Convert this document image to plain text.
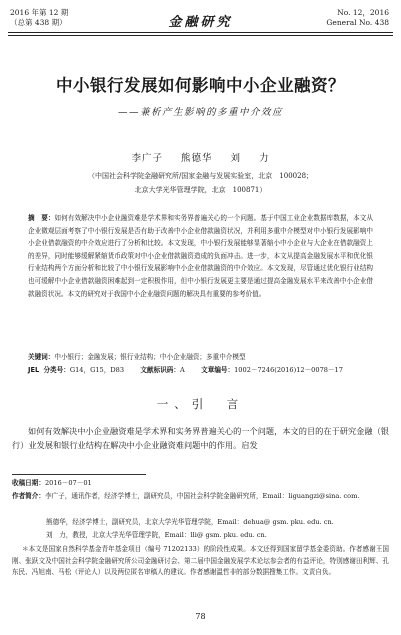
2016 年第 12 期
（总第 438 期）	金融研究
No. 12，2016
General No. 438
中小银行发展如何影响中小企业融资？
——兼析产生影响的多重中介效应
李广子 熊德华 刘 力
（中国社会科学院金融研究所/国家金融与发展实验室，北京　100028；
北京大学光华管理学院，北京　100871）
摘　要：如何有效解决中小企业融资难是学术界和实务界普遍关心的一个问题。基于中国工业企业数据库数据，本文从企业微观层面考察了中小银行发展是否有助于改善中小企业借款融资状况，并利用多重中介模型对中小银行发展影响中小企业借款融资的中介效应进行了分析和比较。本文发现，中小银行发展能够显著缩小中小企业与大企业在借款融资上的差异，同时能够缓解紧缩货币政策对中小企业借款融资造成的负面冲击。进一步，本文从提高金融发展水平和优化银行业结构两个方面分析和比较了中小银行发展影响中小企业借款融资的中介效应。本文发现，尽管通过优化银行业结构也可缓解中小企业借款融资困难起到一定积极作用，但中小银行发展更主要是通过提高金融发展水平来改善中小企业借款融资状况。本文的研究对于我国中小企业融资问题的解决具有重要的参考价值。
关键词：中小银行；金融发展；银行业结构；中小企业融资；多重中介模型
JEL 分类号：G14，G15，D83 文献标识码：A 文章编号：1002－7246(2016)12－0078－17
一、引　言
如何有效解决中小企业融资难是学术界和实务界普遍关心的一个问题，本文的目的在于研究金融（银行）业发展和银行业结构在解决中小企业融资难问题中的作用。启发
收稿日期：2016－07－01
作者简介：李广子，通讯作者，经济学博士，副研究员，中国社会科学院金融研究所，Email：liguangzi@sina. com.
熊德华，经济学博士，副研究员，北京大学光华管理学院，Email：dehua@ gsm. pku. edu. cn.
刘　力，教授，北京大学光华管理学院，Email：lli@ gsm. pku. edu. cn.
＊本文是国家自然科学基金青年基金项目（编号 71202133）的阶段性成果。本文还得到国家留学基金委资助。作者感谢王国刚、张跃文及中国社会科学院金融研究所公司金融研讨会、第二届中国金融发展学术论坛参会者的有益评论，特别感谢田利辉、孔东民、冯旭南、马松（评论人）以及两位匿名审稿人的建议。作者感谢温哲非的部分数据搜集工作。文责自负。
78
